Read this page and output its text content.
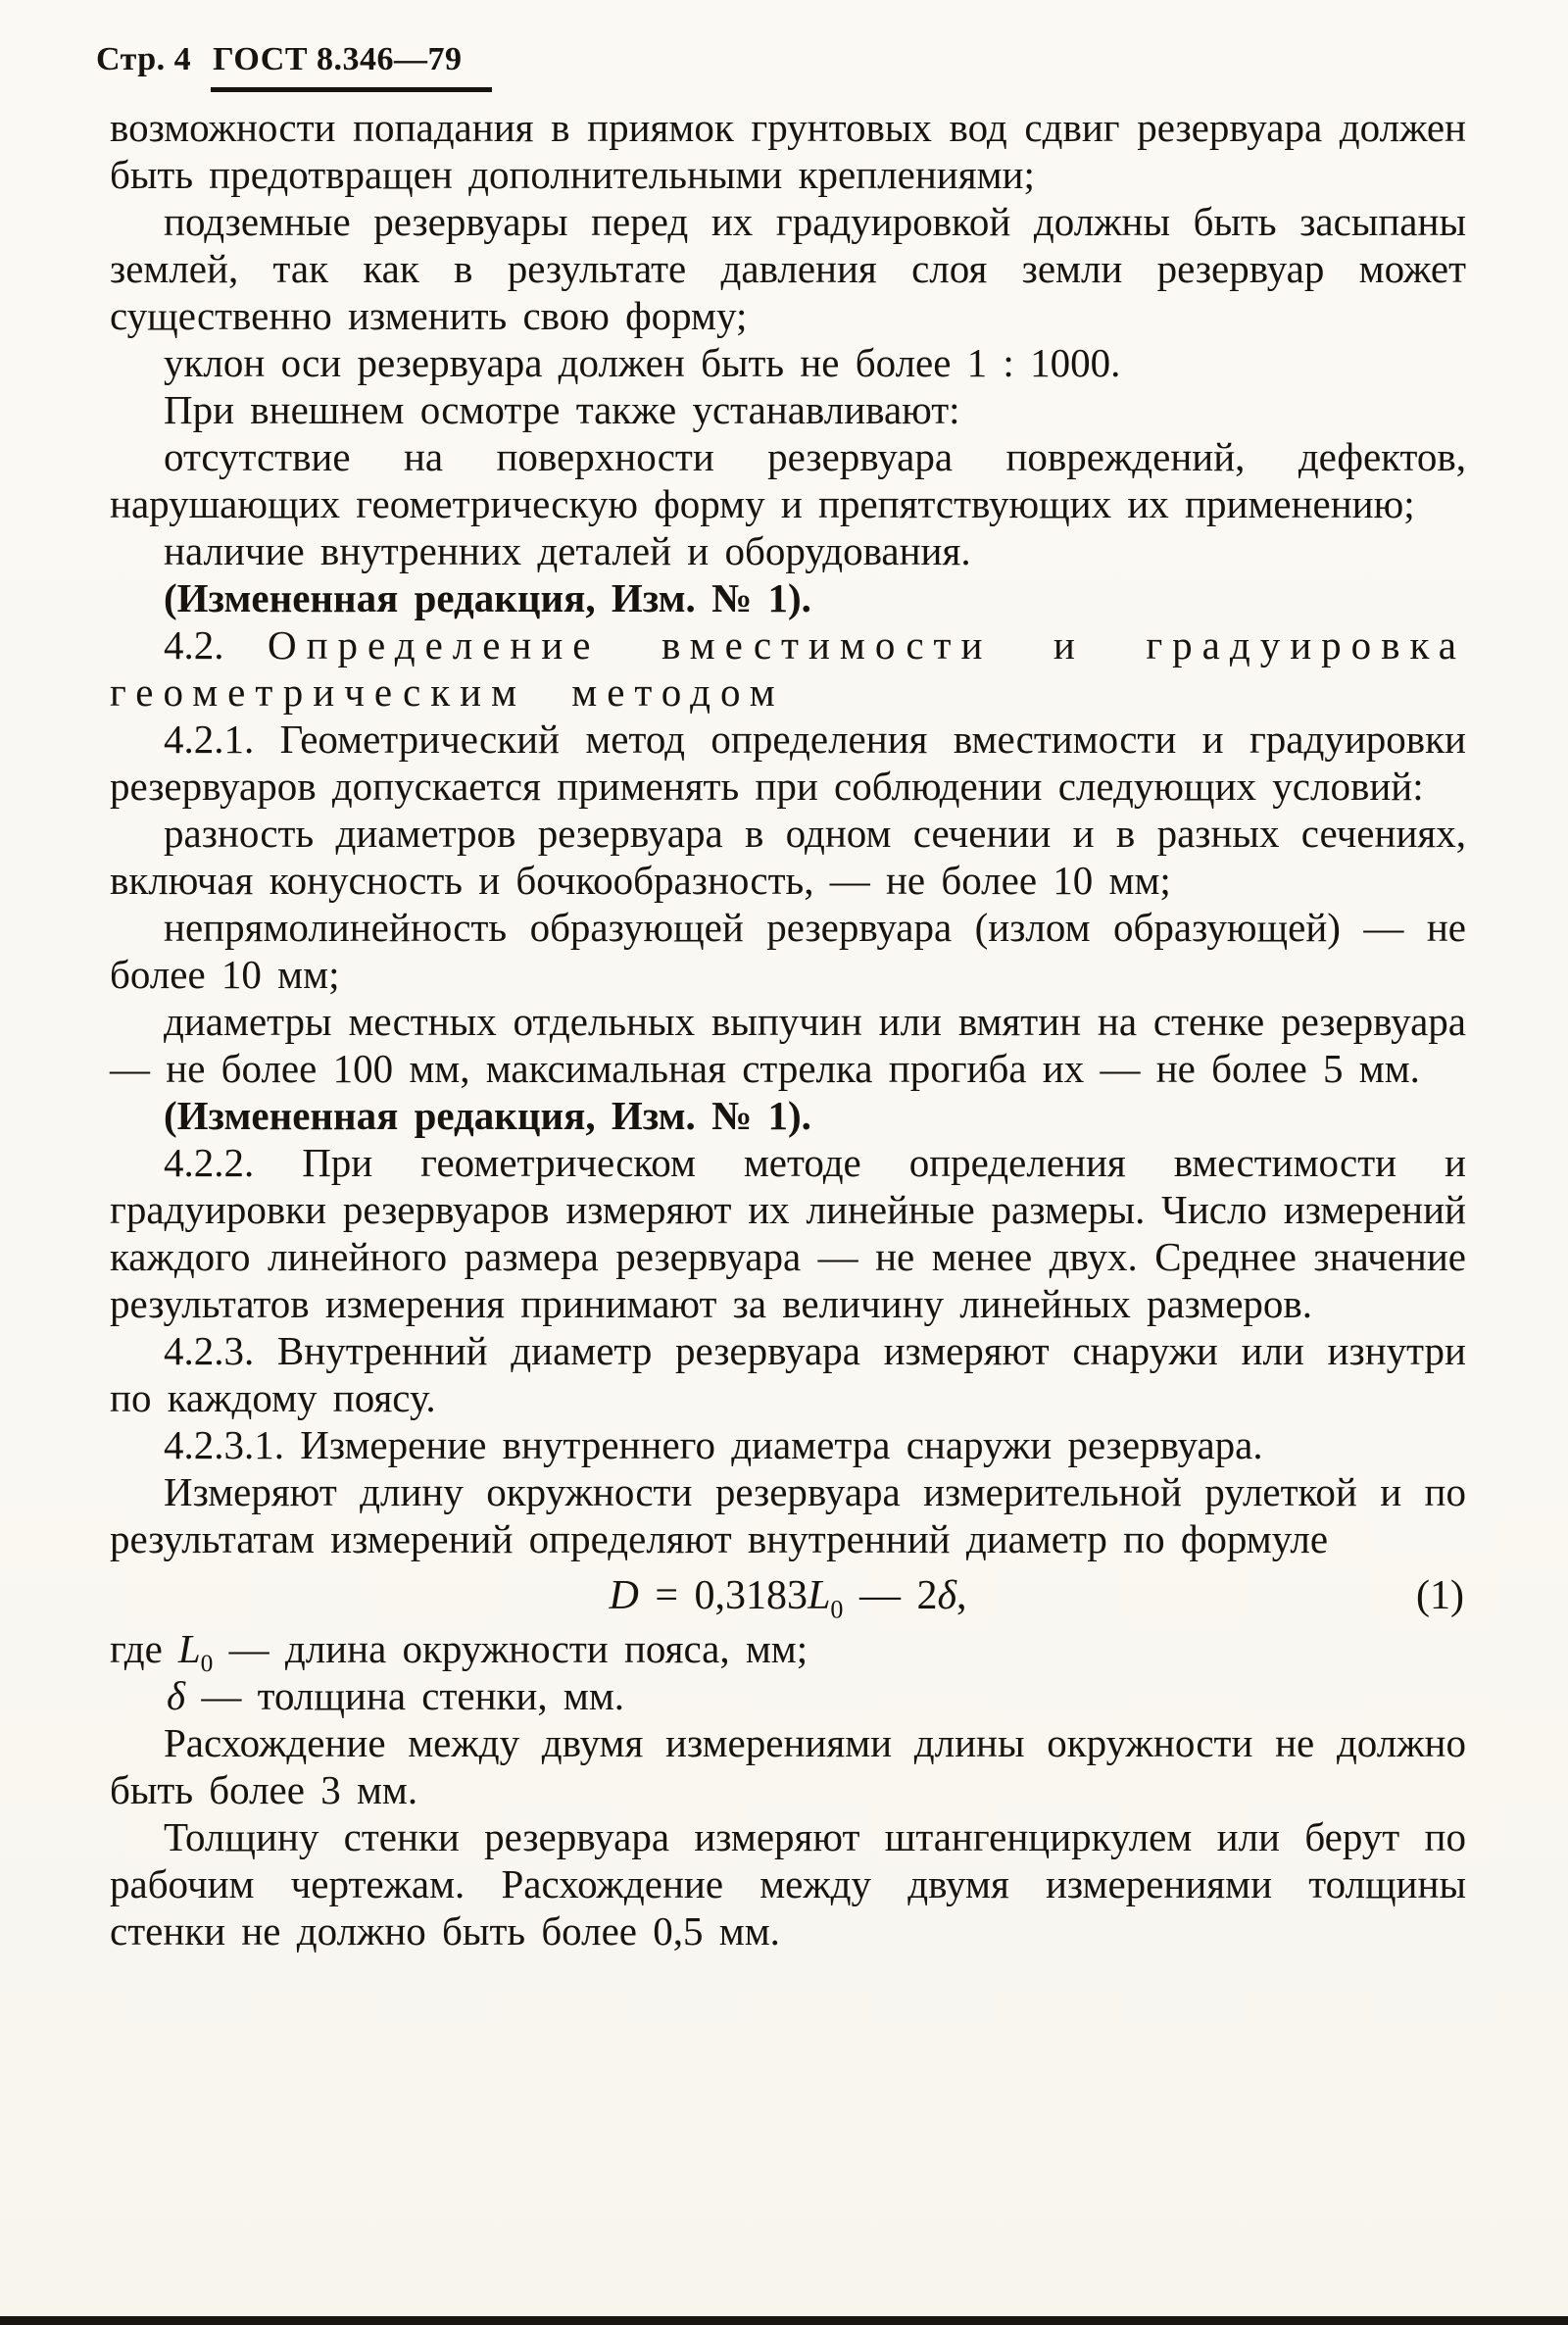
Стр. 4 ГОСТ 8.346—79

возможности попадания в приямок грунтовых вод сдвиг резервуара должен быть предотвращен дополнительными креплениями;

подземные резервуары перед их градуировкой должны быть засыпаны землей, так как в результате давления слоя земли резервуар может существенно изменить свою форму;

уклон оси резервуара должен быть не более 1 : 1000.

При внешнем осмотре также устанавливают:

отсутствие на поверхности резервуара повреждений, дефектов, нарушающих геометрическую форму и препятствующих их применению;

наличие внутренних деталей и оборудования.

(Измененная редакция, Изм. № 1).

4.2. Определение вместимости и градуировка геометрическим методом

4.2.1. Геометрический метод определения вместимости и градуировки резервуаров допускается применять при соблюдении следующих условий:

разность диаметров резервуара в одном сечении и в разных сечениях, включая конусность и бочкообразность, — не более 10 мм;

непрямолинейность образующей резервуара (излом образующей) — не более 10 мм;

диаметры местных отдельных выпучин или вмятин на стенке резервуара — не более 100 мм, максимальная стрелка прогиба их — не более 5 мм.

(Измененная редакция, Изм. № 1).

4.2.2. При геометрическом методе определения вместимости и градуировки резервуаров измеряют их линейные размеры. Число измерений каждого линейного размера резервуара — не менее двух. Среднее значение результатов измерения принимают за величину линейных размеров.

4.2.3. Внутренний диаметр резервуара измеряют снаружи или изнутри по каждому поясу.

4.2.3.1. Измерение внутреннего диаметра снаружи резервуара.

Измеряют длину окружности резервуара измерительной рулеткой и по результатам измерений определяют внутренний диаметр по формуле

$D = 0,3183L_0$ — 2δ,	(1)

где $L_0$ — длина окружности пояса, мм;

δ — толщина стенки, мм.

Расхождение между двумя измерениями длины окружности не должно быть более 3 мм.

Толщину стенки резервуара измеряют штангенциркулем или берут по рабочим чертежам. Расхождение между двумя измерениями толщины стенки не должно быть более 0,5 мм.
